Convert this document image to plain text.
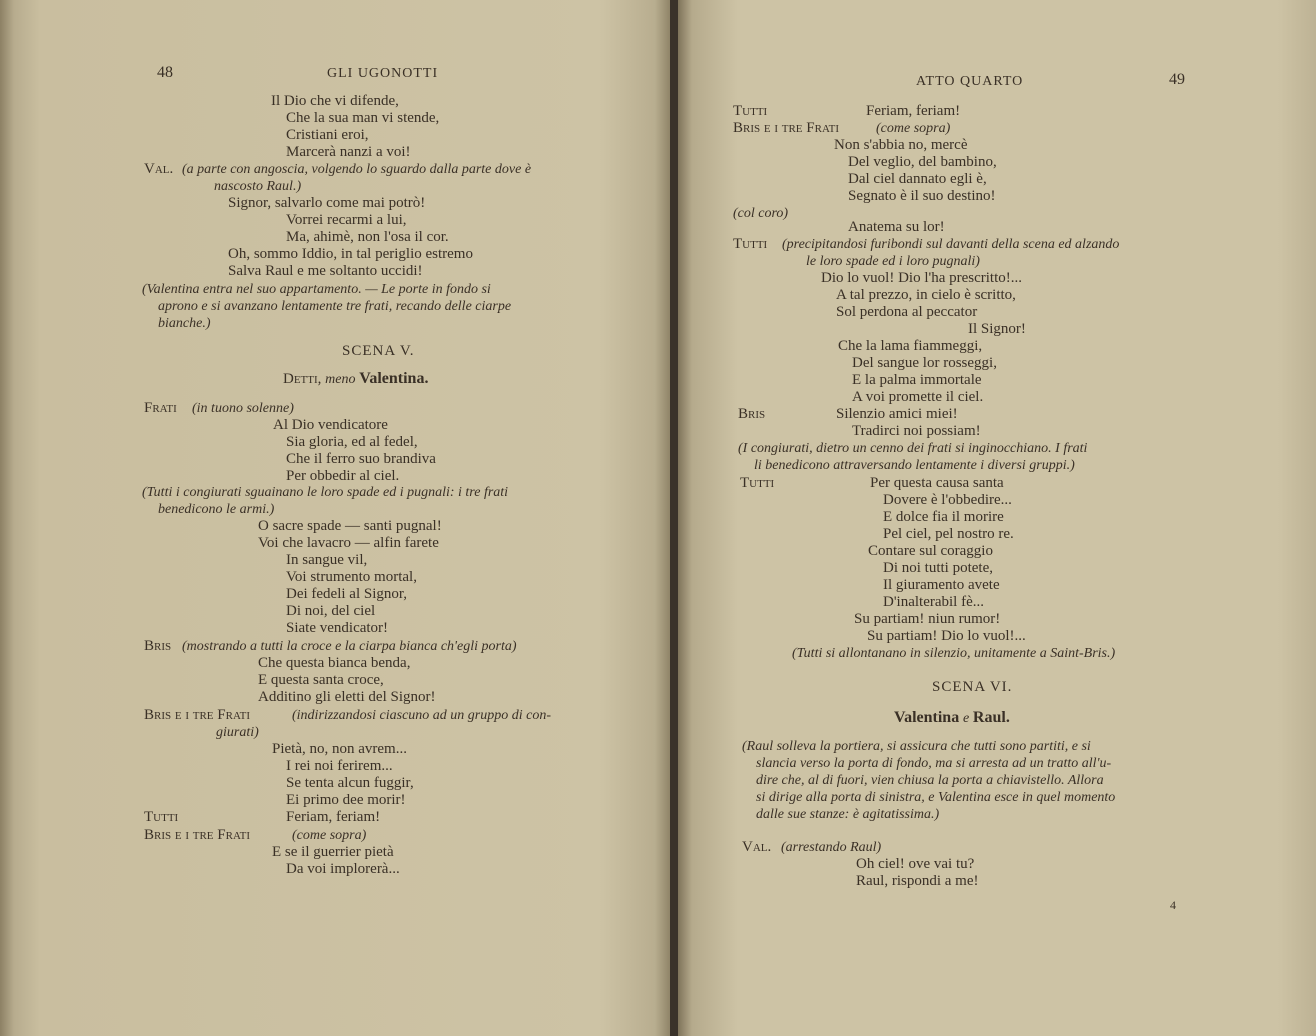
48	GLI UGONOTTI

Il Dio che vi difende,

Che la sua man vi stende,

Cristiani eroi,

Marcerà nanzi a voi!

Val. (a parte con angoscia, volgendo lo sguardo dalla parte dove è

nascosto Raul.)

Signor, salvarlo come mai potrò!

Vorrei recarmi a lui,

Ma, ahimè, non l'osa il cor.

Oh, sommo Iddio, in tal periglio estremo

Salva Raul e me soltanto uccidi!

(Valentina entra nel suo appartamento. — Le porte in fondo si

aprono e si avanzano lentamente tre frati, recando delle ciarpe

bianche.)

SCENA V.

Detti, meno Valentina.

Frati (in tuono solenne)

Al Dio vendicatore

Sia gloria, ed al fedel,

Che il ferro suo brandiva

Per obbedir al ciel.

(Tutti i congiurati sguainano le loro spade ed i pugnali: i tre frati

benedicono le armi.)

O sacre spade — santi pugnal!

Voi che lavacro — alfin farete

In sangue vil,

Voi strumento mortal,

Dei fedeli al Signor,

Di noi, del ciel

Siate vendicator!

Bris (mostrando a tutti la croce e la ciarpa bianca ch'egli porta)

Che questa bianca benda,

E questa santa croce,

Additino gli eletti del Signor!

Bris e i tre Frati	(indirizzandosi ciascuno ad un gruppo di con-

giurati)

Pietà, no, non avrem...

I rei noi ferirem...

Se tenta alcun fuggir,

Ei primo dee morir!

Tutti	Feriam, feriam!

Bris e i tre Frati	(come sopra)

E se il guerrier pietà

Da voi implorerà...

ATTO QUARTO	49

Tutti	Feriam, feriam!

Bris e i tre Frati	(come sopra)

Non s'abbia no, mercè

Del veglio, del bambino,

Dal ciel dannato egli è,

Segnato è il suo destino!

(col coro)

Anatema su lor!

Tutti (precipitandosi furibondi sul davanti della scena ed alzando

le loro spade ed i loro pugnali)

Dio lo vuol! Dio l'ha prescritto!...

A tal prezzo, in cielo è scritto,

Sol perdona al peccator

Il Signor!

Che la lama fiammeggi,

Del sangue lor rosseggi,

E la palma immortale

A voi promette il ciel.

Bris	Silenzio amici miei!

Tradirci noi possiam!

(I congiurati, dietro un cenno dei frati si inginocchiano. I frati

li benedicono attraversando lentamente i diversi gruppi.)

Tutti	Per questa causa santa

Dovere è l'obbedire...

E dolce fia il morire

Pel ciel, pel nostro re.

Contare sul coraggio

Di noi tutti potete,

Il giuramento avete

D'inalterabil fè...

Su partiam! niun rumor!

Su partiam! Dio lo vuol!...

(Tutti si allontanano in silenzio, unitamente a Saint-Bris.)

SCENA VI.

Valentina e Raul.

(Raul solleva la portiera, si assicura che tutti sono partiti, e si

slancia verso la porta di fondo, ma si arresta ad un tratto all'u-

dire che, al di fuori, vien chiusa la porta a chiavistello. Allora

si dirige alla porta di sinistra, e Valentina esce in quel momento

dalle sue stanze: è agitatissima.)

Val. (arrestando Raul)

Oh ciel! ove vai tu?

Raul, rispondi a me!

4
